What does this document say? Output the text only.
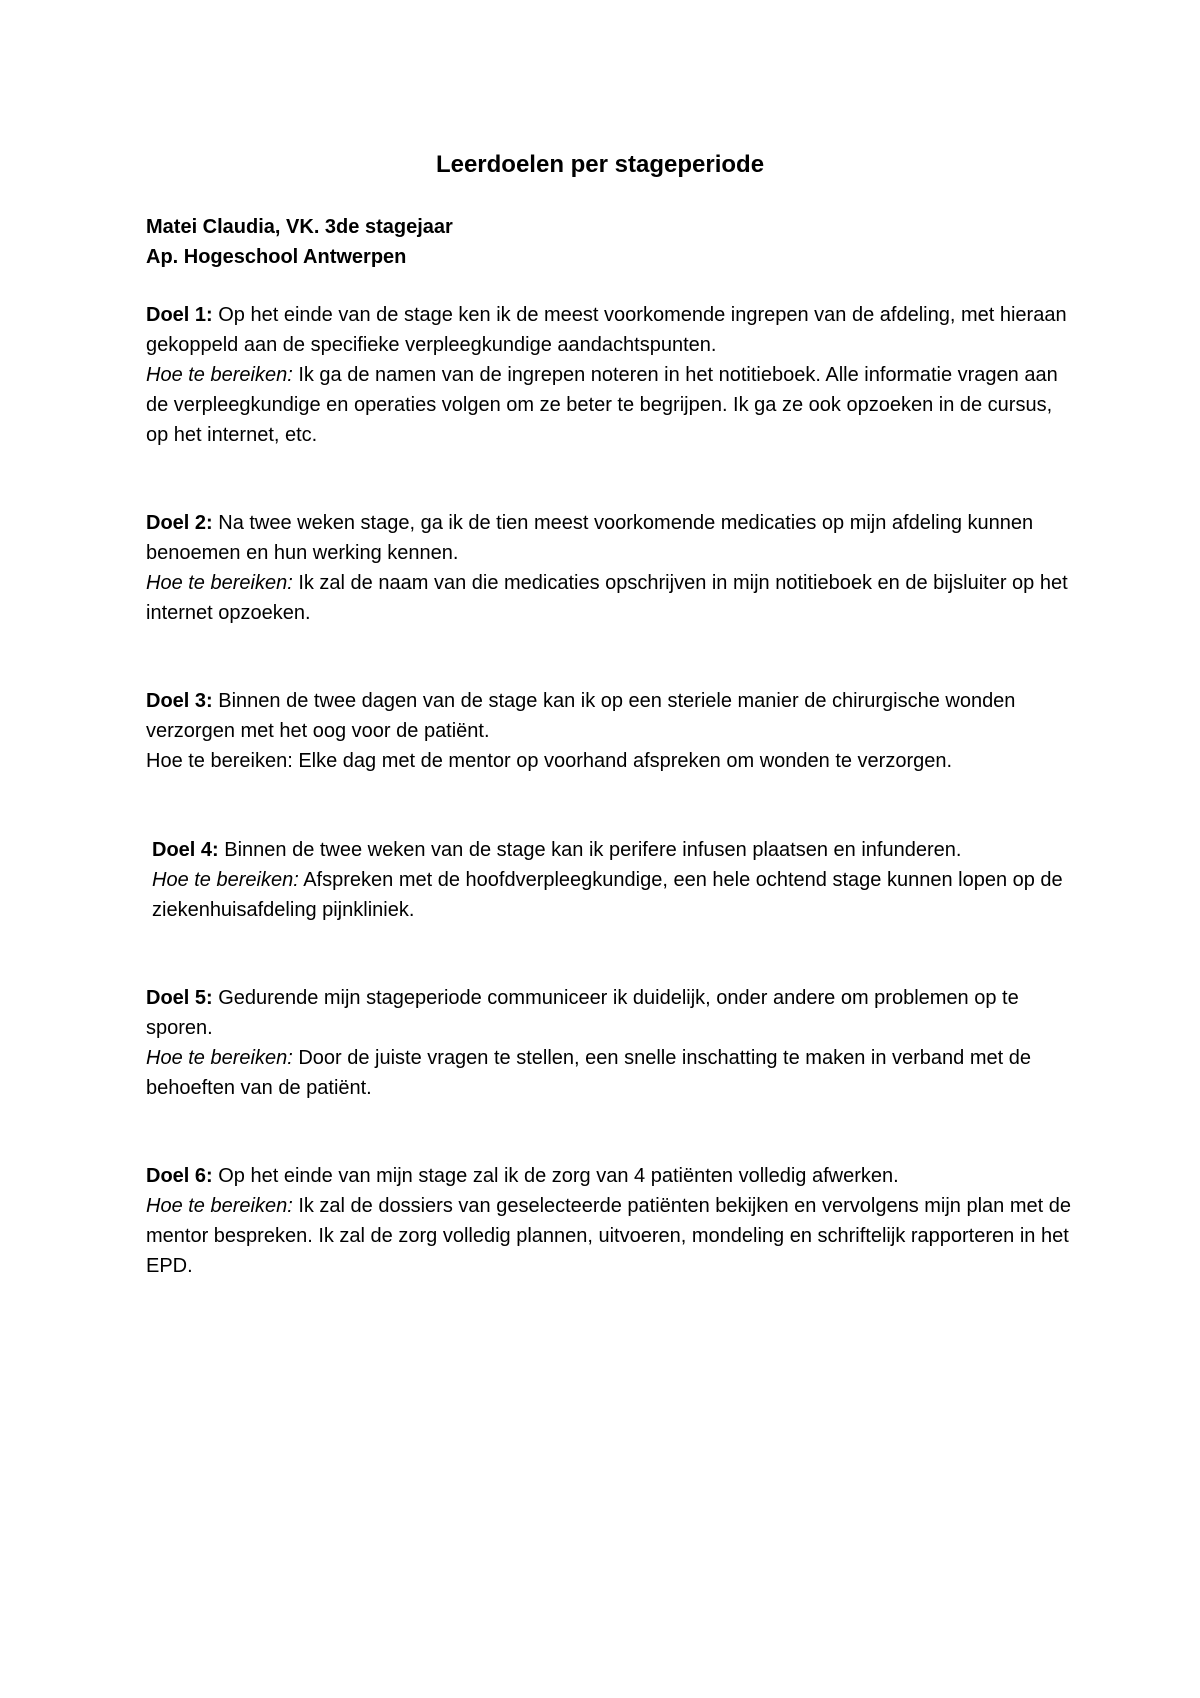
Leerdoelen per stageperiode
Matei Claudia, VK. 3de stagejaar
Ap. Hogeschool Antwerpen

Doel 1: Op het einde van de stage ken ik de meest voorkomende ingrepen van de afdeling, met hieraan gekoppeld aan de specifieke verpleegkundige aandachtspunten.

Hoe te bereiken: Ik ga de namen van de ingrepen noteren in het notitieboek. Alle informatie vragen aan de verpleegkundige en operaties volgen om ze beter te begrijpen. Ik ga ze ook opzoeken in de cursus, op het internet, etc.

Doel 2: Na twee weken stage, ga ik de tien meest voorkomende medicaties op mijn afdeling kunnen benoemen en hun werking kennen.

Hoe te bereiken: Ik zal de naam van die medicaties opschrijven in mijn notitieboek en de bijsluiter op het internet opzoeken.

Doel 3: Binnen de twee dagen van de stage kan ik op een steriele manier de chirurgische wonden verzorgen met het oog voor de patiënt.

Hoe te bereiken: Elke dag met de mentor op voorhand afspreken om wonden te verzorgen.

Doel 4: Binnen de twee weken van de stage kan ik perifere infusen plaatsen en infunderen.

Hoe te bereiken: Afspreken met de hoofdverpleegkundige, een hele ochtend stage kunnen lopen op de ziekenhuisafdeling pijnkliniek.

Doel 5: Gedurende mijn stageperiode communiceer ik duidelijk, onder andere om problemen op te sporen.

Hoe te bereiken: Door de juiste vragen te stellen, een snelle inschatting te maken in verband met de behoeften van de patiënt.

Doel 6: Op het einde van mijn stage zal ik de zorg van 4 patiënten volledig afwerken.

Hoe te bereiken: Ik zal de dossiers van geselecteerde patiënten bekijken en vervolgens mijn plan met de mentor bespreken. Ik zal de zorg volledig plannen, uitvoeren, mondeling en schriftelijk rapporteren in het EPD.
